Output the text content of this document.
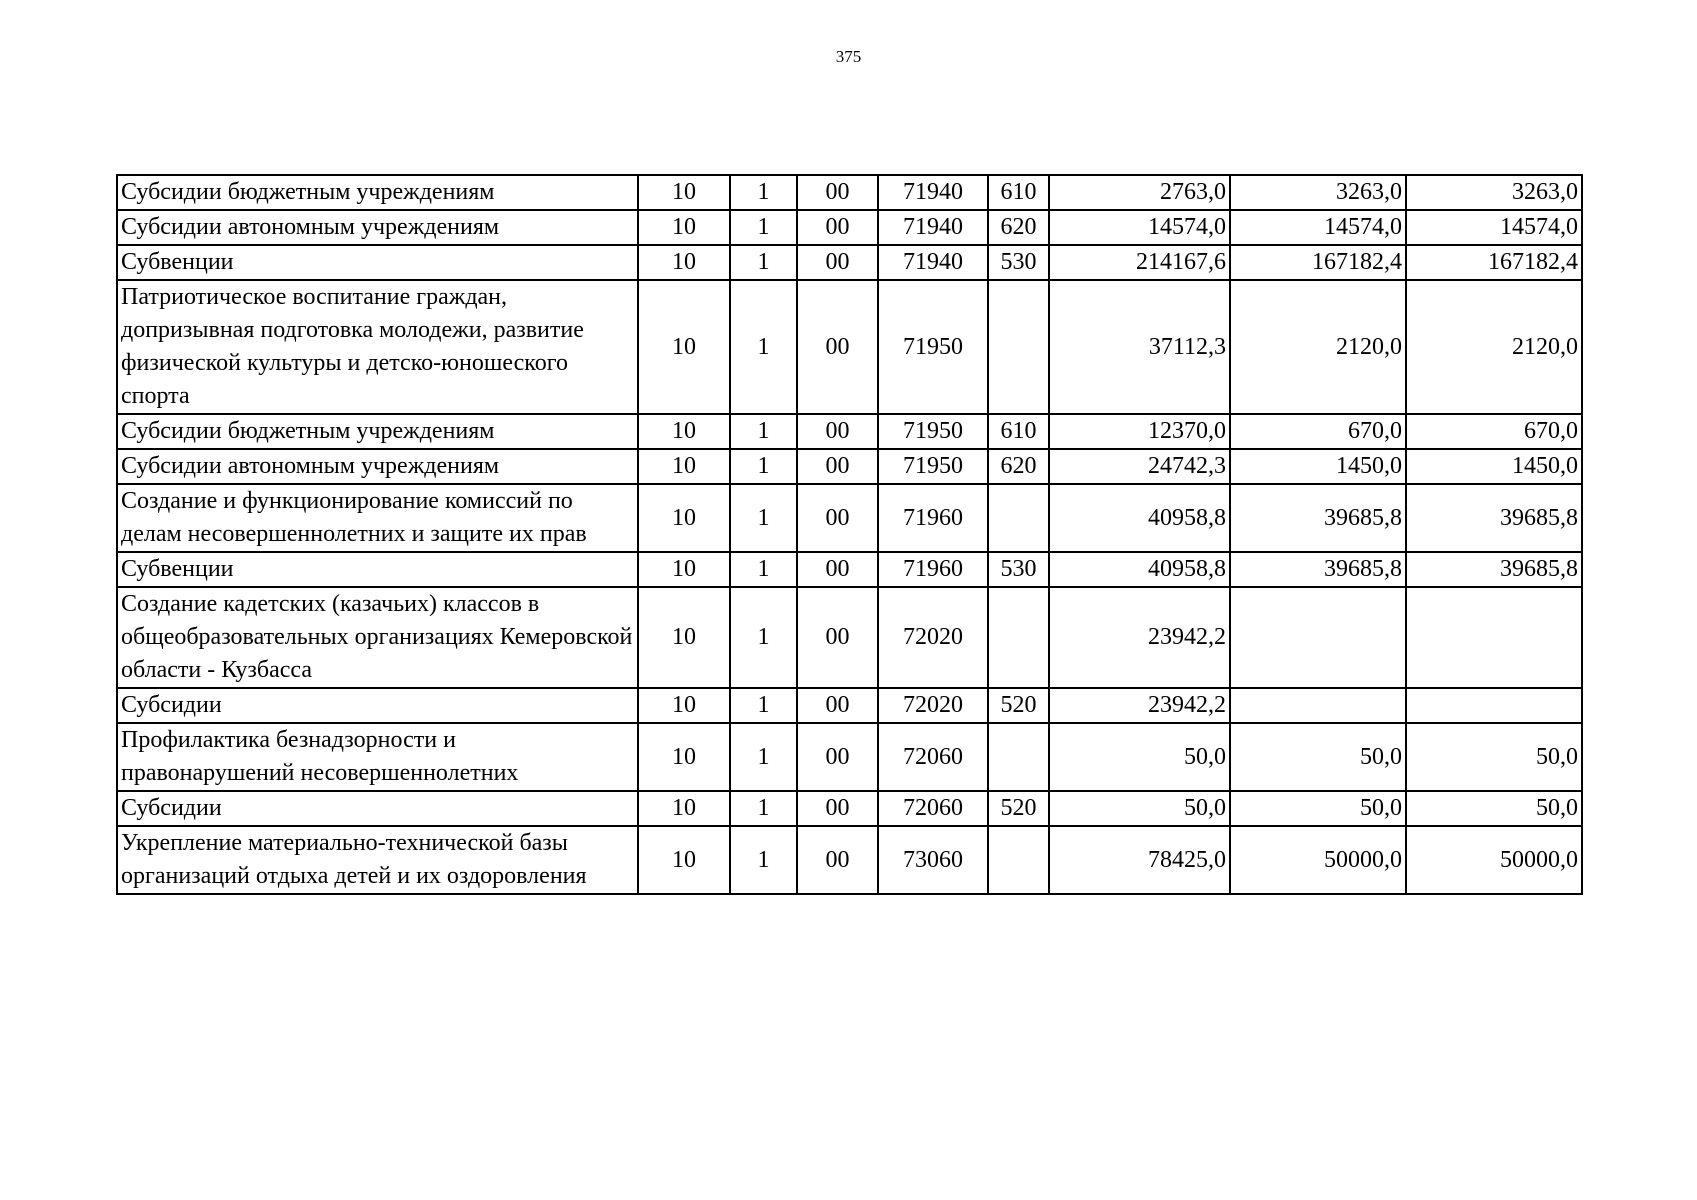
375
Субсидии бюджетным учреждениям	10	1	00	71940	610	2763,0	3263,0	3263,0
Субсидии автономным учреждениям	10	1	00	71940	620	14574,0	14574,0	14574,0
Субвенции	10	1	00	71940	530	214167,6	167182,4	167182,4
Патриотическое воспитание граждан, допризывная подготовка молодежи, развитие физической культуры и детско-юношеского спорта	10	1	00	71950		37112,3	2120,0	2120,0
Субсидии бюджетным учреждениям	10	1	00	71950	610	12370,0	670,0	670,0
Субсидии автономным учреждениям	10	1	00	71950	620	24742,3	1450,0	1450,0
Создание и функционирование комиссий по делам несовершеннолетних и защите их прав	10	1	00	71960		40958,8	39685,8	39685,8
Субвенции	10	1	00	71960	530	40958,8	39685,8	39685,8
Создание кадетских (казачьих) классов в общеобразовательных организациях Кемеровской области - Кузбасса	10	1	00	72020		23942,2		
Субсидии	10	1	00	72020	520	23942,2		
Профилактика безнадзорности и правонарушений несовершеннолетних	10	1	00	72060		50,0	50,0	50,0
Субсидии	10	1	00	72060	520	50,0	50,0	50,0
Укрепление материально-технической базы организаций отдыха детей и их оздоровления	10	1	00	73060		78425,0	50000,0	50000,0
